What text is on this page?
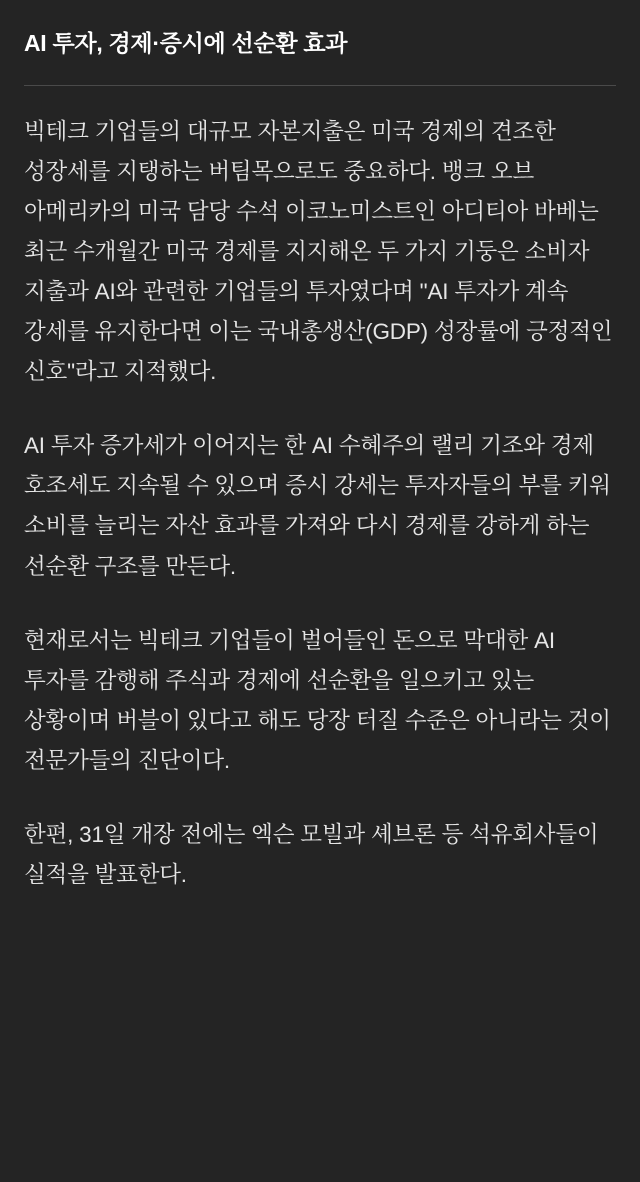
AI 투자, 경제·증시에 선순환 효과

빅테크 기업들의 대규모 자본지출은 미국 경제의 견조한 성장세를 지탱하는 버팀목으로도 중요하다. 뱅크 오브 아메리카의 미국 담당 수석 이코노미스트인 아디티아 바베는 최근 수개월간 미국 경제를 지지해온 두 가지 기둥은 소비자 지출과 AI와 관련한 기업들의 투자였다며 "AI 투자가 계속 강세를 유지한다면 이는 국내총생산(GDP) 성장률에 긍정적인 신호"라고 지적했다.

AI 투자 증가세가 이어지는 한 AI 수혜주의 랠리 기조와 경제 호조세도 지속될 수 있으며 증시 강세는 투자자들의 부를 키워 소비를 늘리는 자산 효과를 가져와 다시 경제를 강하게 하는 선순환 구조를 만든다.

현재로서는 빅테크 기업들이 벌어들인 돈으로 막대한 AI 투자를 감행해 주식과 경제에 선순환을 일으키고 있는 상황이며 버블이 있다고 해도 당장 터질 수준은 아니라는 것이 전문가들의 진단이다.

한편, 31일 개장 전에는 엑슨 모빌과 셰브론 등 석유회사들이 실적을 발표한다.
